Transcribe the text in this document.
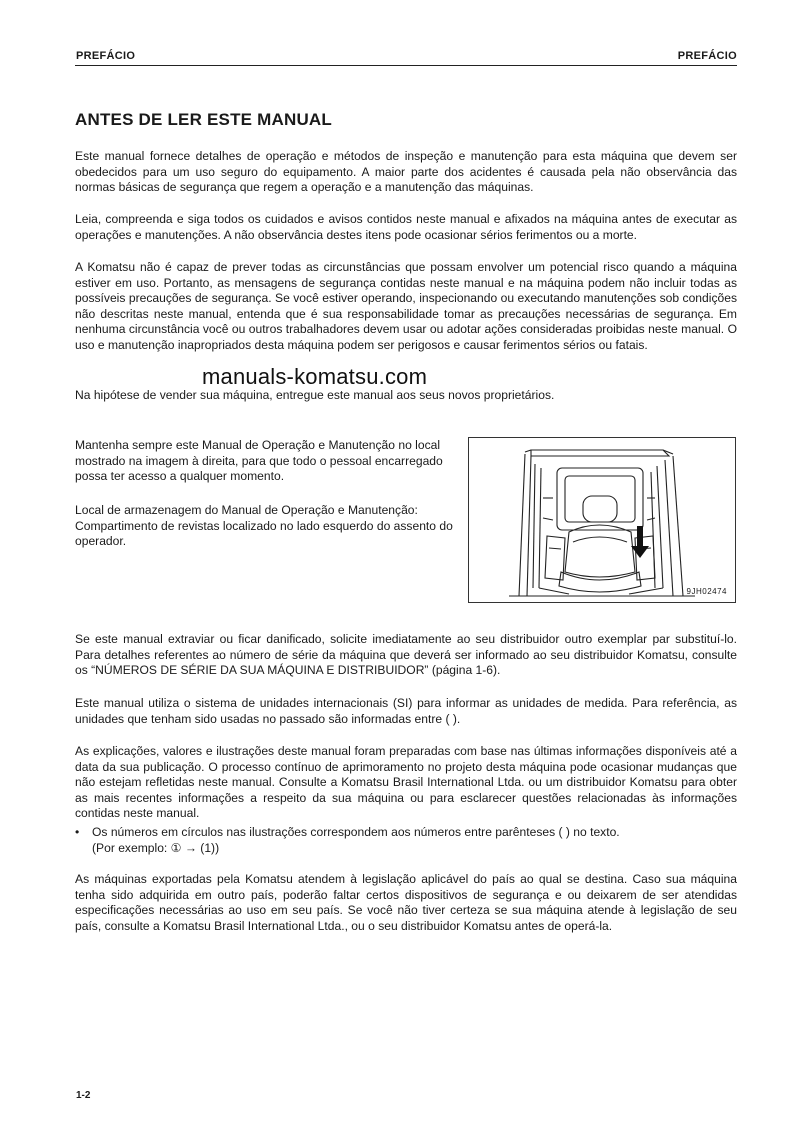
PREFÁCIO	PREFÁCIO
ANTES DE LER ESTE MANUAL

Este manual fornece detalhes de operação e métodos de inspeção e manutenção para esta máquina que devem ser obedecidos para um uso seguro do equipamento. A maior parte dos acidentes é causada pela não observância das normas básicas de segurança que regem a operação e a manutenção das máquinas.

Leia, compreenda e siga todos os cuidados e avisos contidos neste manual e afixados na máquina antes de executar as operações e manutenções. A não observância destes itens pode ocasionar sérios ferimentos ou a morte.

A Komatsu não é capaz de prever todas as circunstâncias que possam envolver um potencial risco quando a máquina estiver em uso. Portanto, as mensagens de segurança contidas neste manual e na máquina podem não incluir todas as possíveis precauções de segurança. Se você estiver operando, inspecionando ou executando manutenções sob condições não descritas neste manual, entenda que é sua responsabilidade tomar as precauções necessárias de segurança. Em nenhuma circunstância você ou outros trabalhadores devem usar ou adotar ações consideradas proibidas neste manual. O uso e manutenção inapropriados desta máquina podem ser perigosos e causar ferimentos sérios ou fatais.

manuals-komatsu.com

Na hipótese de vender sua máquina, entregue este manual aos seus novos proprietários.

Mantenha sempre este Manual de Operação e Manutenção no local mostrado na imagem à direita, para que todo o pessoal encarregado possa ter acesso a qualquer momento.

Local de armazenagem do Manual de Operação e Manutenção: Compartimento de revistas localizado no lado esquerdo do assento do operador.

9JH02474

Se este manual extraviar ou ficar danificado, solicite imediatamente ao seu distribuidor outro exemplar par substituí-lo. Para detalhes referentes ao número de série da máquina que deverá ser informado ao seu distribuidor Komatsu, consulte os “NÚMEROS DE SÉRIE DA SUA MÁQUINA E DISTRIBUIDOR” (página 1-6).

Este manual utiliza o sistema de unidades internacionais (SI) para informar as unidades de medida. Para referência, as unidades que tenham sido usadas no passado são informadas entre ( ).

As explicações, valores e ilustrações deste manual foram preparadas com base nas últimas informações disponíveis até a data da sua publicação. O processo contínuo de aprimoramento no projeto desta máquina pode ocasionar mudanças que não estejam refletidas neste manual. Consulte a Komatsu Brasil International Ltda. ou um distribuidor Komatsu para obter as mais recentes informações a respeito da sua máquina ou para esclarecer questões relacionadas às informações contidas neste manual.

• Os números em círculos nas ilustrações correspondem aos números entre parênteses ( ) no texto.
(Por exemplo: ① → (1))

As máquinas exportadas pela Komatsu atendem à legislação aplicável do país ao qual se destina. Caso sua máquina tenha sido adquirida em outro país, poderão faltar certos dispositivos de segurança e ou deixarem de ser atendidas especificações necessárias ao uso em seu país. Se você não tiver certeza se sua máquina atende à legislação de seu país, consulte a Komatsu Brasil International Ltda., ou o seu distribuidor Komatsu antes de operá-la.

1-2
